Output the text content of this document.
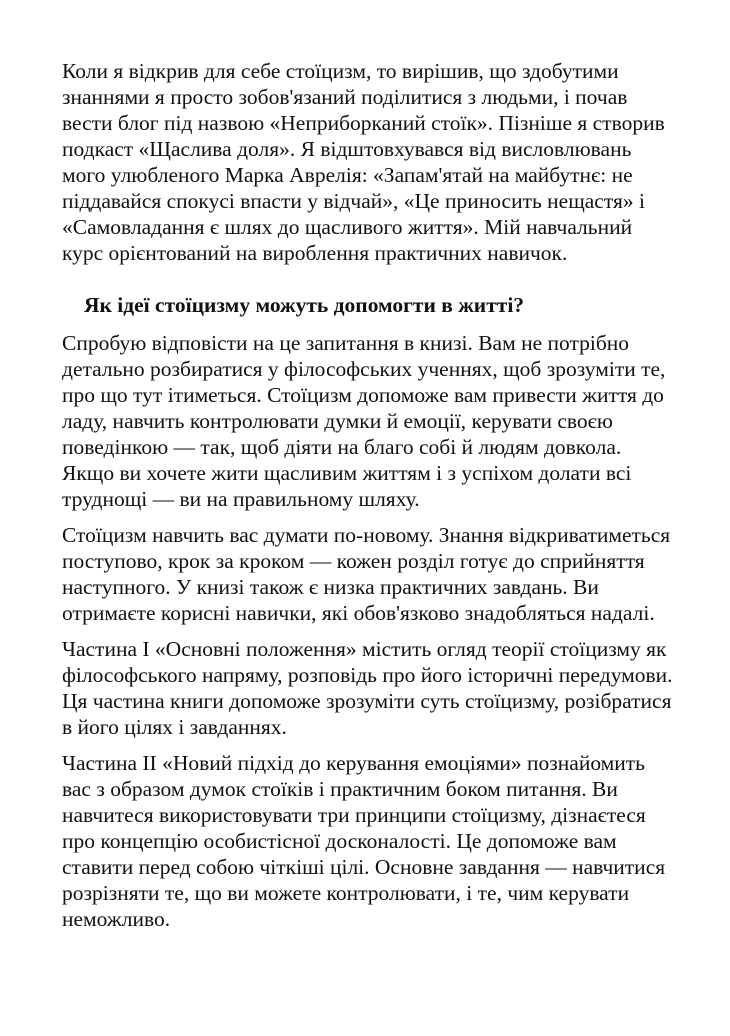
Коли я відкрив для себе стоїцизм, то вирішив, що здобутими знаннями я просто зобов'язаний поділитися з людьми, і почав вести блог під назвою «Неприборканий стоїк». Пізніше я створив подкаст «Щаслива доля». Я відштовхувався від висловлювань мого улюбленого Марка Аврелія: «Запам'ятай на майбутнє: не піддавайся спокусі впасти у відчай», «Це приносить нещастя» і «Самовладання є шлях до щасливого життя». Мій навчальний курс орієнтований на вироблення практичних навичок.

Як ідеї стоїцизму можуть допомогти в житті?

Спробую відповісти на це запитання в книзі. Вам не потрібно детально розбиратися у філософських ученнях, щоб зрозуміти те, про що тут ітиметься. Стоїцизм допоможе вам привести життя до ладу, навчить контролювати думки й емоції, керувати своєю поведінкою — так, щоб діяти на благо собі й людям довкола. Якщо ви хочете жити щасливим життям і з успіхом долати всі труднощі — ви на правильному шляху.

Стоїцизм навчить вас думати по-новому. Знання відкриватиметься поступово, крок за кроком — кожен розділ готує до сприйняття наступного. У книзі також є низка практичних завдань. Ви отримаєте корисні навички, які обов'язково знадобляться надалі.

Частина I «Основні положення» містить огляд теорії стоїцизму як філософського напряму, розповідь про його історичні передумови. Ця частина книги допоможе зрозуміти суть стоїцизму, розібратися в його цілях і завданнях.

Частина II «Новий підхід до керування емоціями» познайомить вас з образом думок стоїків і практичним боком питання. Ви навчитеся використовувати три принципи стоїцизму, дізнаєтеся про концепцію особистісної досконалості. Це допоможе вам ставити перед собою чіткіші цілі. Основне завдання — навчитися розрізняти те, що ви можете контролювати, і те, чим керувати неможливо.
